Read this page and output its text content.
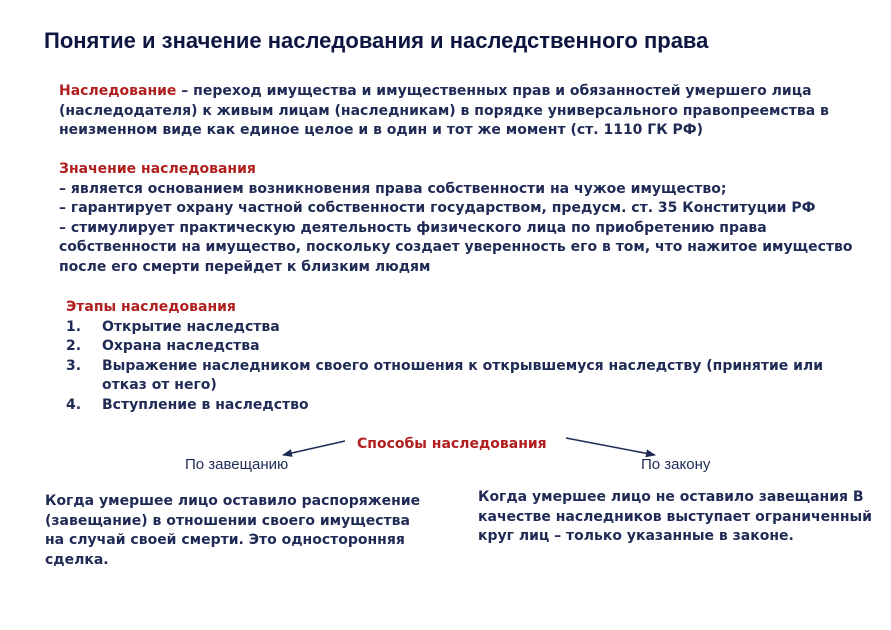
Понятие и значение наследования и наследственного права
Наследование – переход имущества и имущественных прав и обязанностей умершего лица (наследодателя) к живым лицам (наследникам) в порядке универсального правопреемства в неизменном виде как единое целое и в один и тот же момент (ст. 1110 ГК РФ)
Значение наследования
– является основанием возникновения права собственности на чужое имущество;
– гарантирует охрану частной собственности государством, предусм. ст. 35 Конституции РФ
– стимулирует практическую деятельность физического лица по приобретению права собственности на имущество, поскольку создает уверенность его в том, что нажитое имущество после его смерти перейдет к близким людям
Этапы наследования
1.	Открытие наследства
2.	Охрана наследства
3.	Выражение наследником своего отношения к открывшемуся наследству (принятие или отказ от него)
4.	Вступление в наследство
Способы наследования
По завещанию	По закону
Когда умершее лицо оставило распоряжение (завещание) в отношении своего имущества на случай своей смерти. Это односторонняя сделка.
Когда умершее лицо не оставило завещания В качестве наследников выступает ограниченный круг лиц – только указанные в законе.
